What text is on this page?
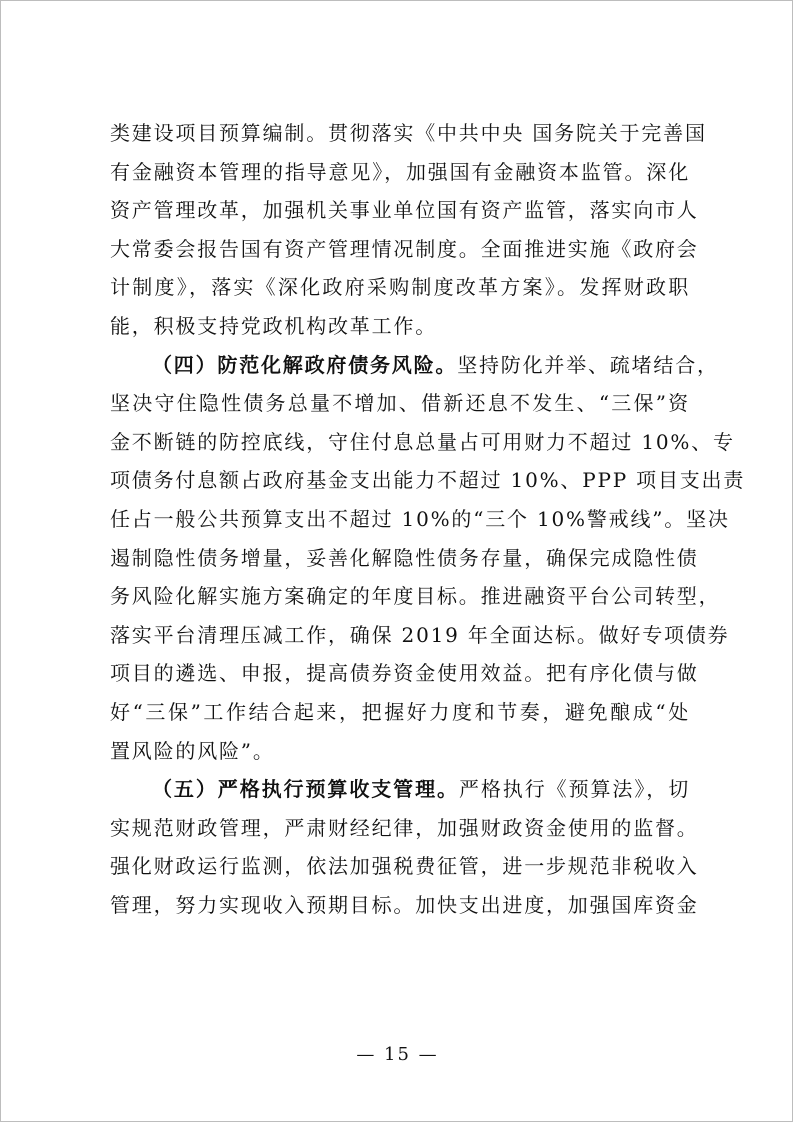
类建设项目预算编制。贯彻落实《中共中央 国务院关于完善国
有金融资本管理的指导意见》，加强国有金融资本监管。深化
资产管理改革，加强机关事业单位国有资产监管，落实向市人
大常委会报告国有资产管理情况制度。全面推进实施《政府会
计制度》，落实《深化政府采购制度改革方案》。发挥财政职
能，积极支持党政机构改革工作。
（四）防范化解政府债务风险。坚持防化并举、疏堵结合，
坚决守住隐性债务总量不增加、借新还息不发生、“三保”资
金不断链的防控底线，守住付息总量占可用财力不超过 10%、专
项债务付息额占政府基金支出能力不超过 10%、PPP 项目支出责
任占一般公共预算支出不超过 10%的“三个 10%警戒线”。坚决
遏制隐性债务增量，妥善化解隐性债务存量，确保完成隐性债
务风险化解实施方案确定的年度目标。推进融资平台公司转型，
落实平台清理压减工作，确保 2019 年全面达标。做好专项债券
项目的遴选、申报，提高债券资金使用效益。把有序化债与做
好“三保”工作结合起来，把握好力度和节奏，避免酿成“处
置风险的风险”。
（五）严格执行预算收支管理。严格执行《预算法》，切
实规范财政管理，严肃财经纪律，加强财政资金使用的监督。
强化财政运行监测，依法加强税费征管，进一步规范非税收入
管理，努力实现收入预期目标。加快支出进度，加强国库资金
— 15 —
